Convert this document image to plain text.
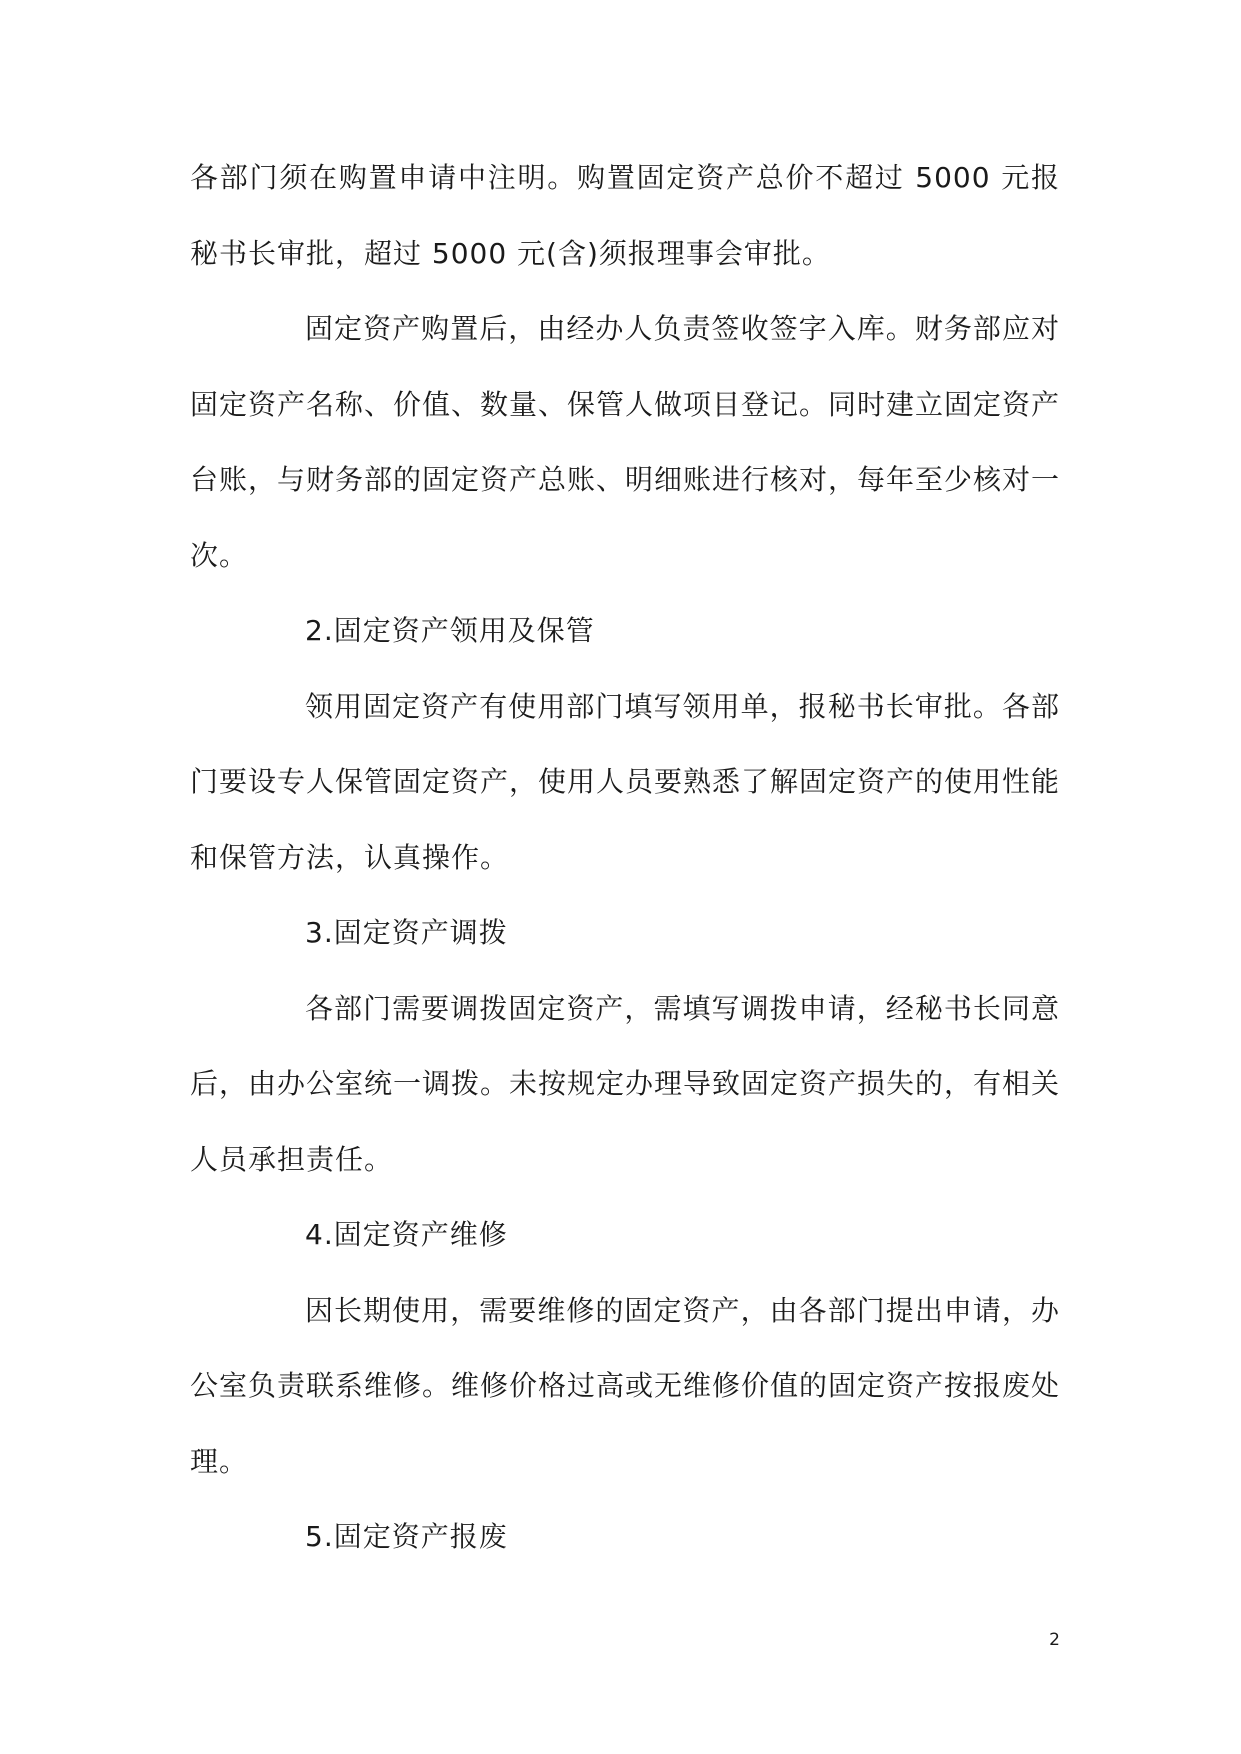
各部门须在购置申请中注明。购置固定资产总价不超过 5000 元报秘书长审批，超过 5000 元(含)须报理事会审批。

固定资产购置后，由经办人负责签收签字入库。财务部应对固定资产名称、价值、数量、保管人做项目登记。同时建立固定资产台账，与财务部的固定资产总账、明细账进行核对，每年至少核对一次。

2.固定资产领用及保管

领用固定资产有使用部门填写领用单，报秘书长审批。各部门要设专人保管固定资产，使用人员要熟悉了解固定资产的使用性能和保管方法，认真操作。

3.固定资产调拨

各部门需要调拨固定资产，需填写调拨申请，经秘书长同意后，由办公室统一调拨。未按规定办理导致固定资产损失的，有相关人员承担责任。

4.固定资产维修

因长期使用，需要维修的固定资产，由各部门提出申请，办公室负责联系维修。维修价格过高或无维修价值的固定资产按报废处理。

5.固定资产报废

2
